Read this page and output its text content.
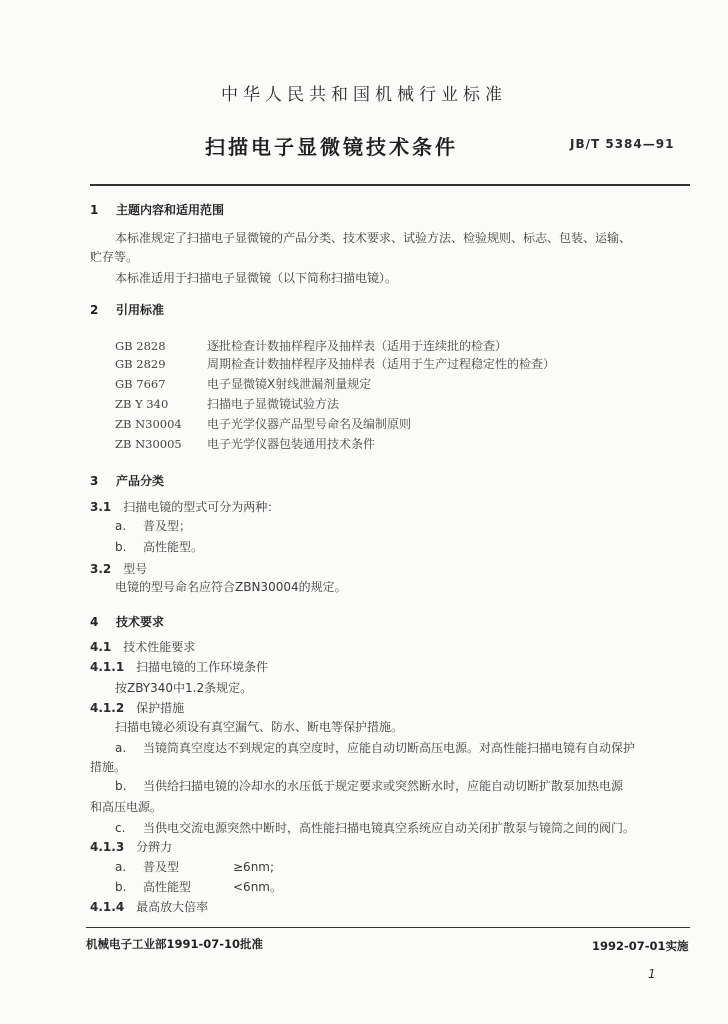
中华人民共和国机械行业标准
扫描电子显微镜技术条件	JB/T 5384—91
1 主题内容和适用范围
本标准规定了扫描电子显微镜的产品分类、技术要求、试验方法、检验规则、标志、包装、运输、
贮存等。
本标准适用于扫描电子显微镜（以下简称扫描电镜）。
2 引用标准
GB 2828	逐批检查计数抽样程序及抽样表（适用于连续批的检查）
GB 2829	周期检查计数抽样程序及抽样表（适用于生产过程稳定性的检查）
GB 7667	电子显微镜X射线泄漏剂量规定
ZB Y 340	扫描电子显微镜试验方法
ZB N30004 电子光学仪器产品型号命名及编制原则
ZB N30005 电子光学仪器包装通用技术条件
3 产品分类
3.1 扫描电镜的型式可分为两种：
a. 普及型；
b. 高性能型。
3.2 型号
电镜的型号命名应符合ZBN30004的规定。
4 技术要求
4.1 技术性能要求
4.1.1 扫描电镜的工作环境条件
按ZBY340中1.2条规定。
4.1.2 保护措施
扫描电镜必须设有真空漏气、防水、断电等保护措施。
a. 当镜筒真空度达不到规定的真空度时，应能自动切断高压电源。对高性能扫描电镜有自动保护
措施。
b. 当供给扫描电镜的冷却水的水压低于规定要求或突然断水时，应能自动切断扩散泵加热电源
和高压电源。
c. 当供电交流电源突然中断时，高性能扫描电镜真空系统应自动关闭扩散泵与镜筒之间的阀门。
4.1.3 分辨力
a. 普及型	≥6nm;
b. 高性能型	<6nm。
4.1.4 最高放大倍率
机械电子工业部1991-07-10批准	1992-07-01实施
1
